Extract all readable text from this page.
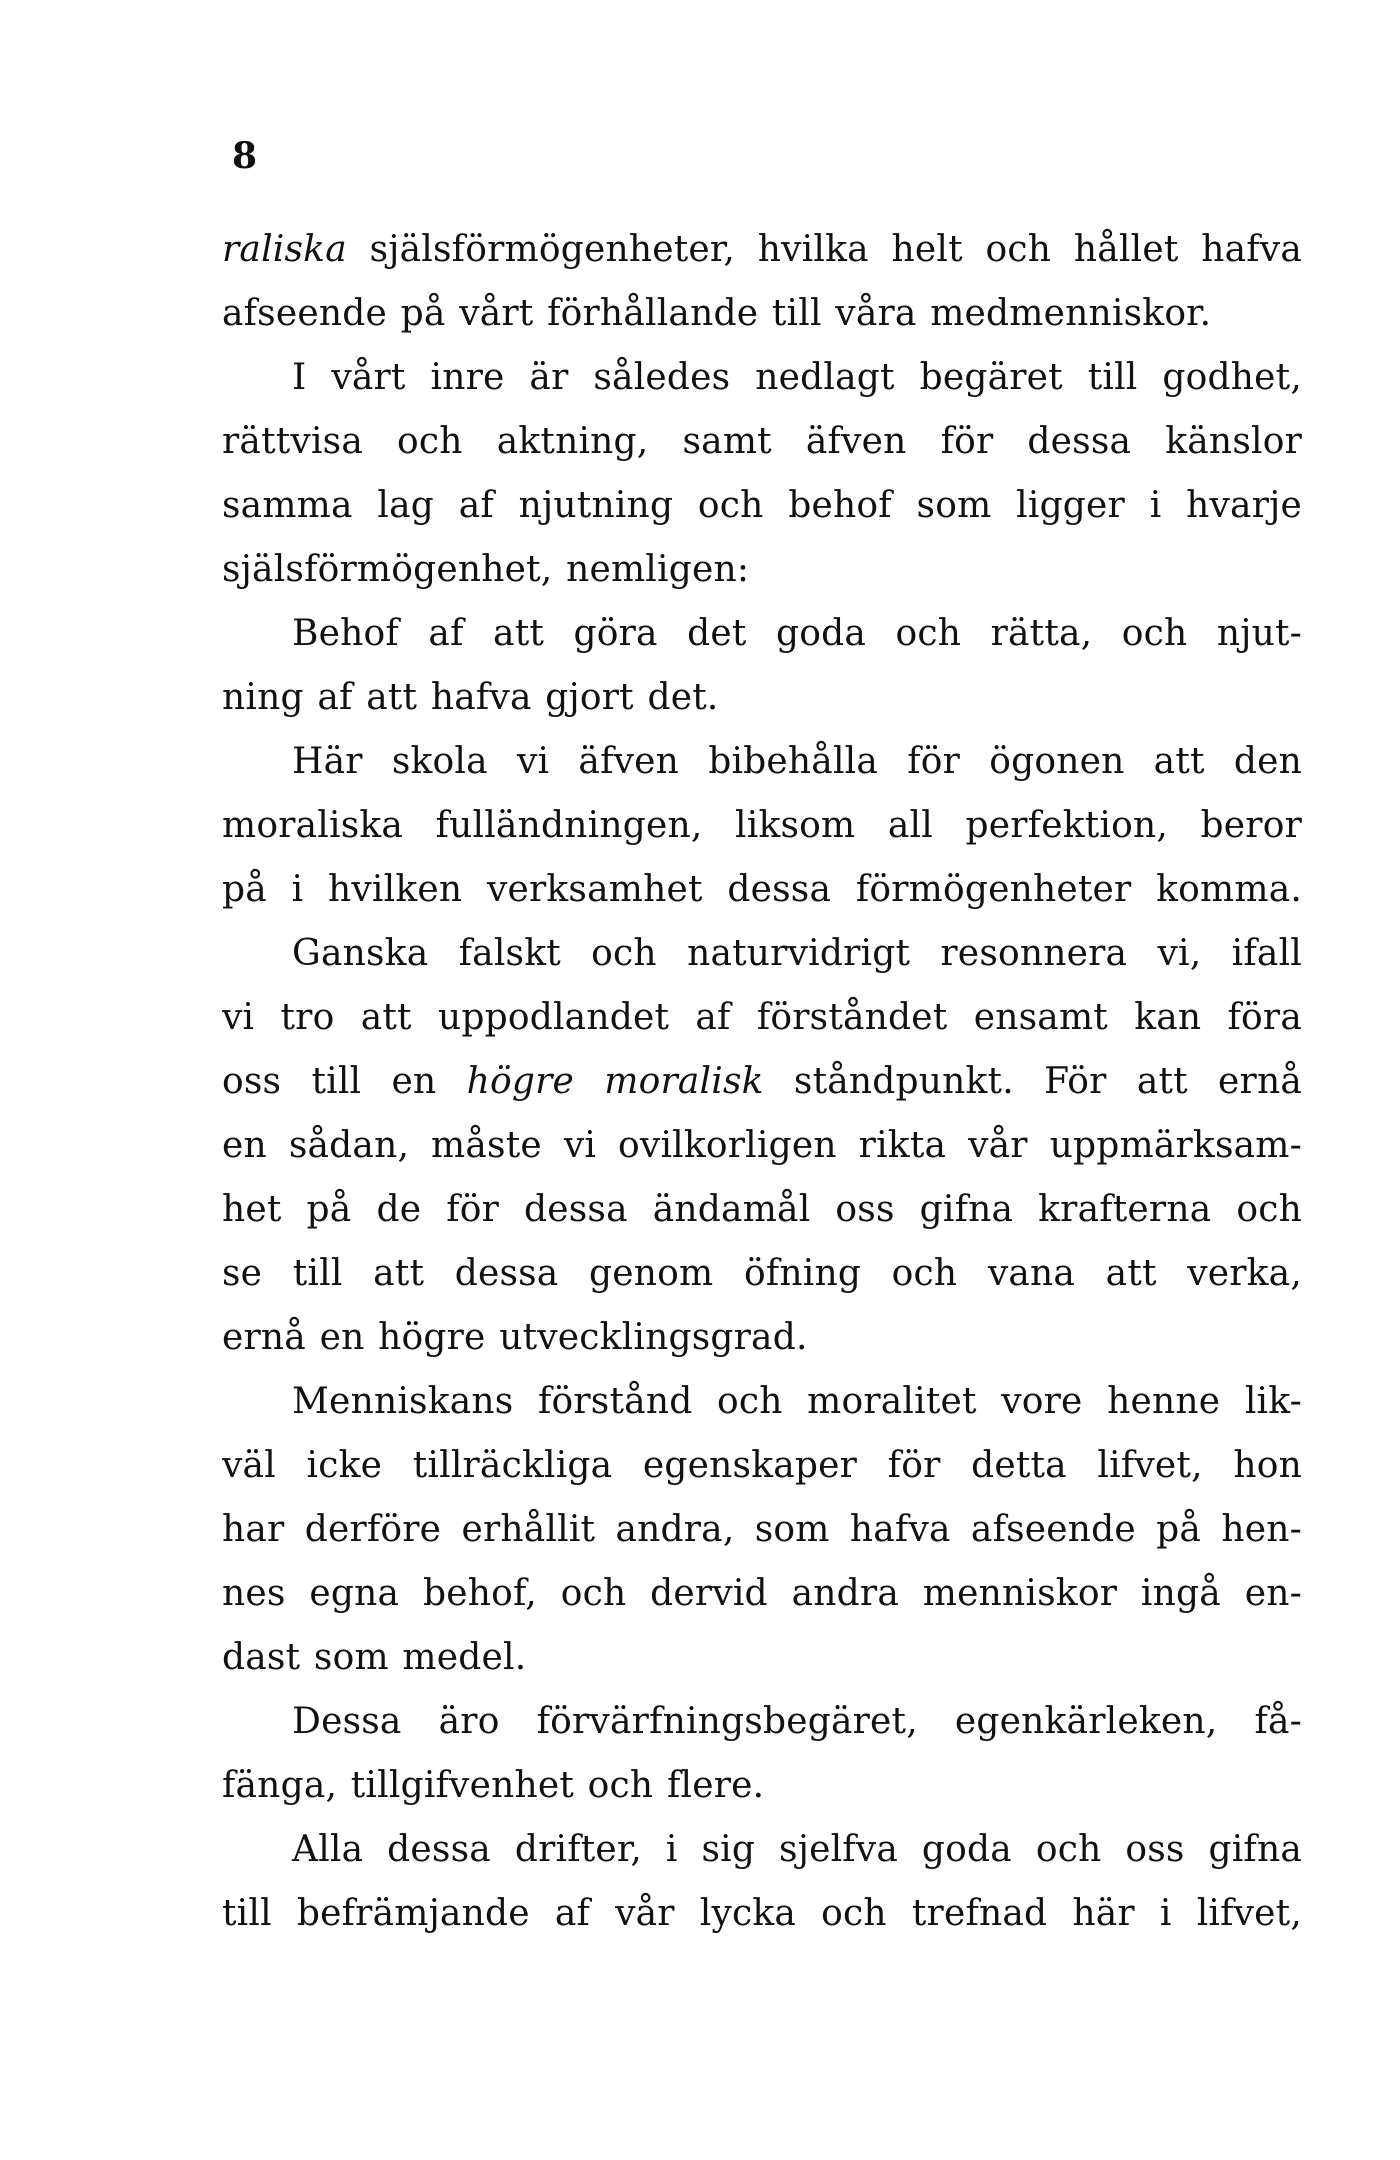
8
raliska själsförmögenheter, hvilka helt och hållet hafva
afseende på vårt förhållande till våra medmenniskor.
I vårt inre är således nedlagt begäret till godhet,
rättvisa och aktning, samt äfven för dessa känslor
samma lag af njutning och behof som ligger i hvarje
själsförmögenhet, nemligen:
Behof af att göra det goda och rätta, och njut-
ning af att hafva gjort det.
Här skola vi äfven bibehålla för ögonen att den
moraliska fulländningen, liksom all perfektion, beror
på i hvilken verksamhet dessa förmögenheter komma.
Ganska falskt och naturvidrigt resonnera vi, ifall
vi tro att uppodlandet af förståndet ensamt kan föra
oss till en högre moralisk ståndpunkt. För att ernå
en sådan, måste vi ovilkorligen rikta vår uppmärksam-
het på de för dessa ändamål oss gifna krafterna och
se till att dessa genom öfning och vana att verka,
ernå en högre utvecklingsgrad.
Menniskans förstånd och moralitet vore henne lik-
väl icke tillräckliga egenskaper för detta lifvet, hon
har derföre erhållit andra, som hafva afseende på hen-
nes egna behof, och dervid andra menniskor ingå en-
dast som medel.
Dessa äro förvärfningsbegäret, egenkärleken, få-
fänga, tillgifvenhet och flere.
Alla dessa drifter, i sig sjelfva goda och oss gifna
till befrämjande af vår lycka och trefnad här i lifvet,
